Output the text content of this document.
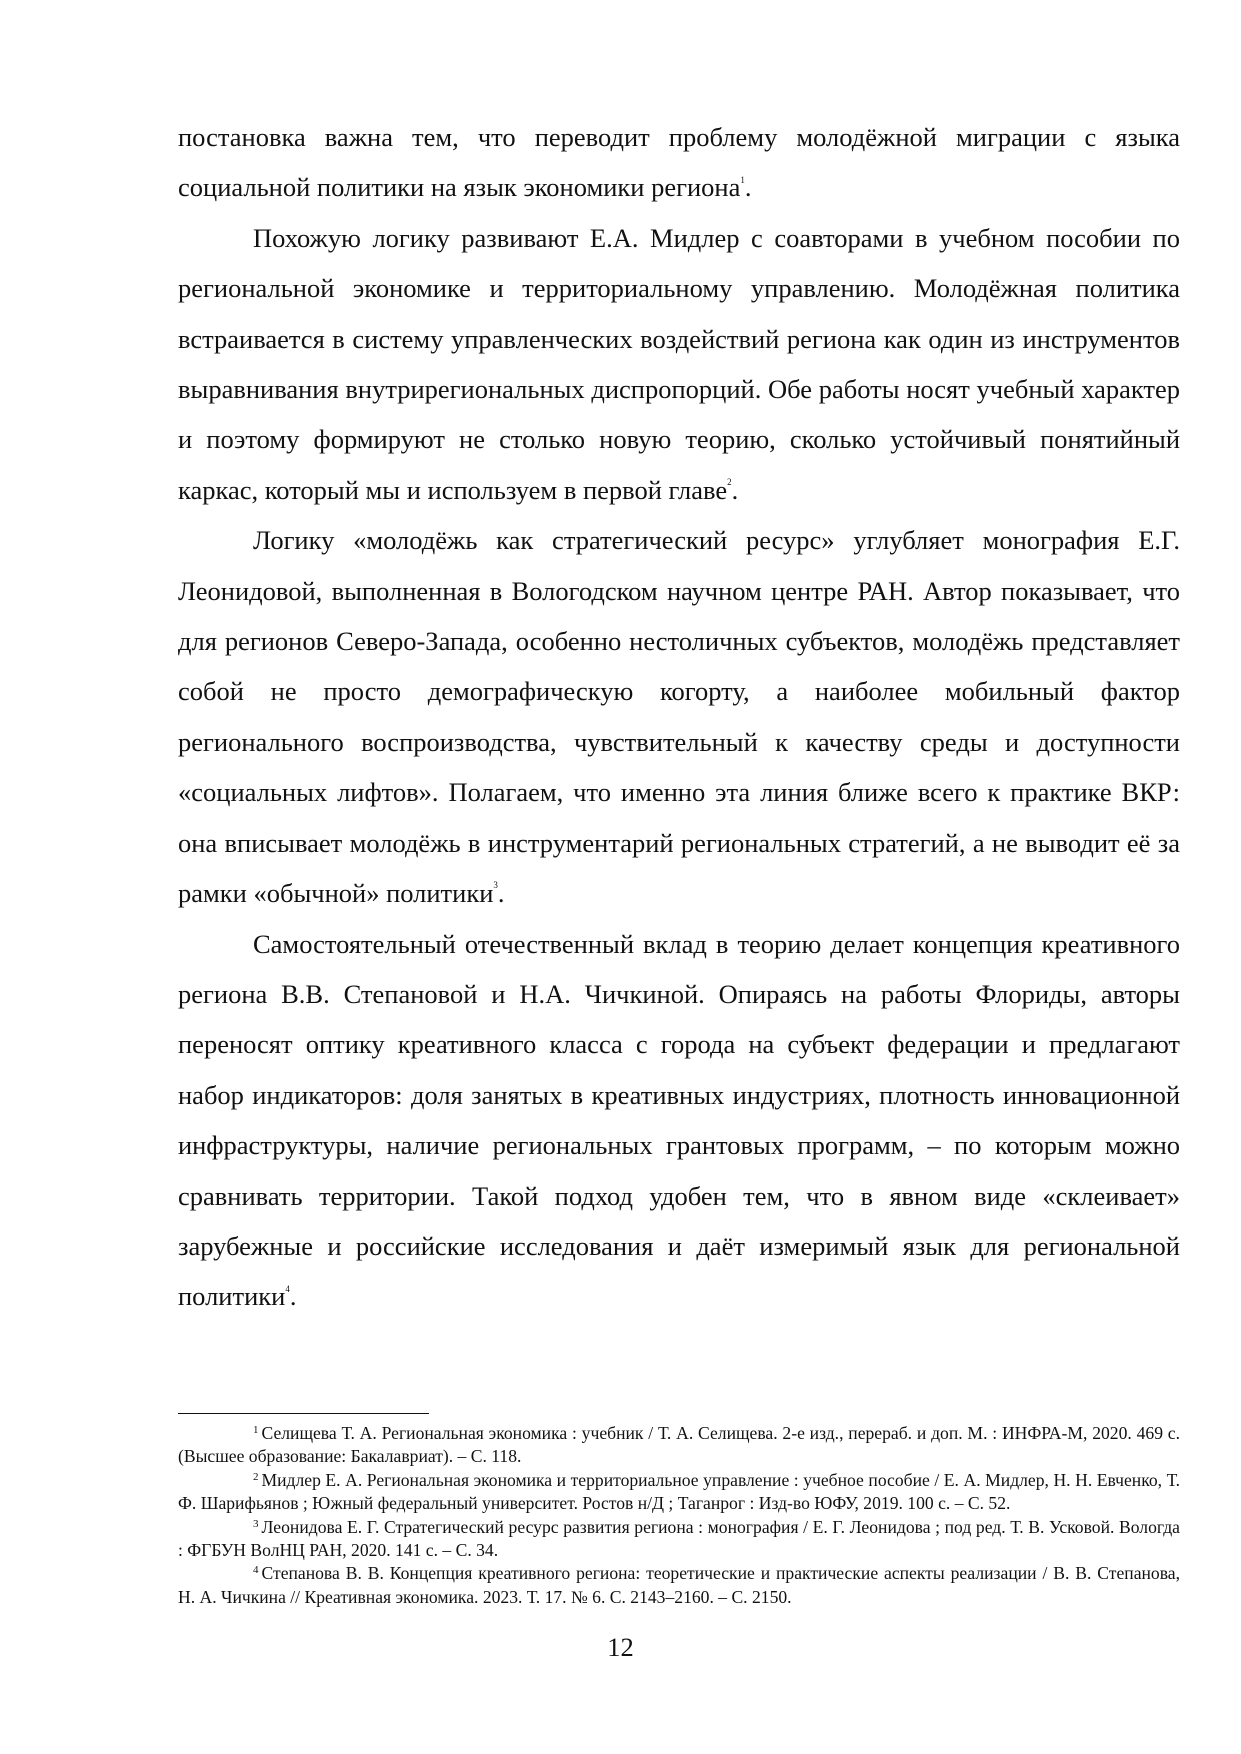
постановка важна тем, что переводит проблему молодёжной миграции с языка социальной политики на язык экономики региона$^1$.

Похожую логику развивают Е.А. Мидлер с соавторами в учебном пособии по региональной экономике и территориальному управлению. Молодёжная политика встраивается в систему управленческих воздействий региона как один из инструментов выравнивания внутрирегиональных диспропорций. Обе работы носят учебный характер и поэтому формируют не столько новую теорию, сколько устойчивый понятийный каркас, который мы и используем в первой главе$^2$.

Логику «молодёжь как стратегический ресурс» углубляет монография Е.Г. Леонидовой, выполненная в Вологодском научном центре РАН. Автор показывает, что для регионов Северо-Запада, особенно нестоличных субъектов, молодёжь представляет собой не просто демографическую когорту, а наиболее мобильный фактор регионального воспроизводства, чувствительный к качеству среды и доступности «социальных лифтов». Полагаем, что именно эта линия ближе всего к практике ВКР: она вписывает молодёжь в инструментарий региональных стратегий, а не выводит её за рамки «обычной» политики$^3$.

Самостоятельный отечественный вклад в теорию делает концепция креативного региона В.В. Степановой и Н.А. Чичкиной. Опираясь на работы Флориды, авторы переносят оптику креативного класса с города на субъект федерации и предлагают набор индикаторов: доля занятых в креативных индустриях, плотность инновационной инфраструктуры, наличие региональных грантовых программ, – по которым можно сравнивать территории. Такой подход удобен тем, что в явном виде «склеивает» зарубежные и российские исследования и даёт измеримый язык для региональной политики$^4$.

$^1$ Селищева Т. А. Региональная экономика : учебник / Т. А. Селищева. 2-е изд., перераб. и доп. М. : ИНФРА-М, 2020. 469 с. (Высшее образование: Бакалавриат). – С. 118.

$^2$ Мидлер Е. А. Региональная экономика и территориальное управление : учебное пособие / Е. А. Мидлер, Н. Н. Евченко, Т. Ф. Шарифьянов ; Южный федеральный университет. Ростов н/Д ; Таганрог : Изд-во ЮФУ, 2019. 100 с. – С. 52.

$^3$ Леонидова Е. Г. Стратегический ресурс развития региона : монография / Е. Г. Леонидова ; под ред. Т. В. Усковой. Вологда : ФГБУН ВолНЦ РАН, 2020. 141 с. – С. 34.

$^4$ Степанова В. В. Концепция креативного региона: теоретические и практические аспекты реализации / В. В. Степанова, Н. А. Чичкина // Креативная экономика. 2023. Т. 17. № 6. С. 2143–2160. – С. 2150.

12
